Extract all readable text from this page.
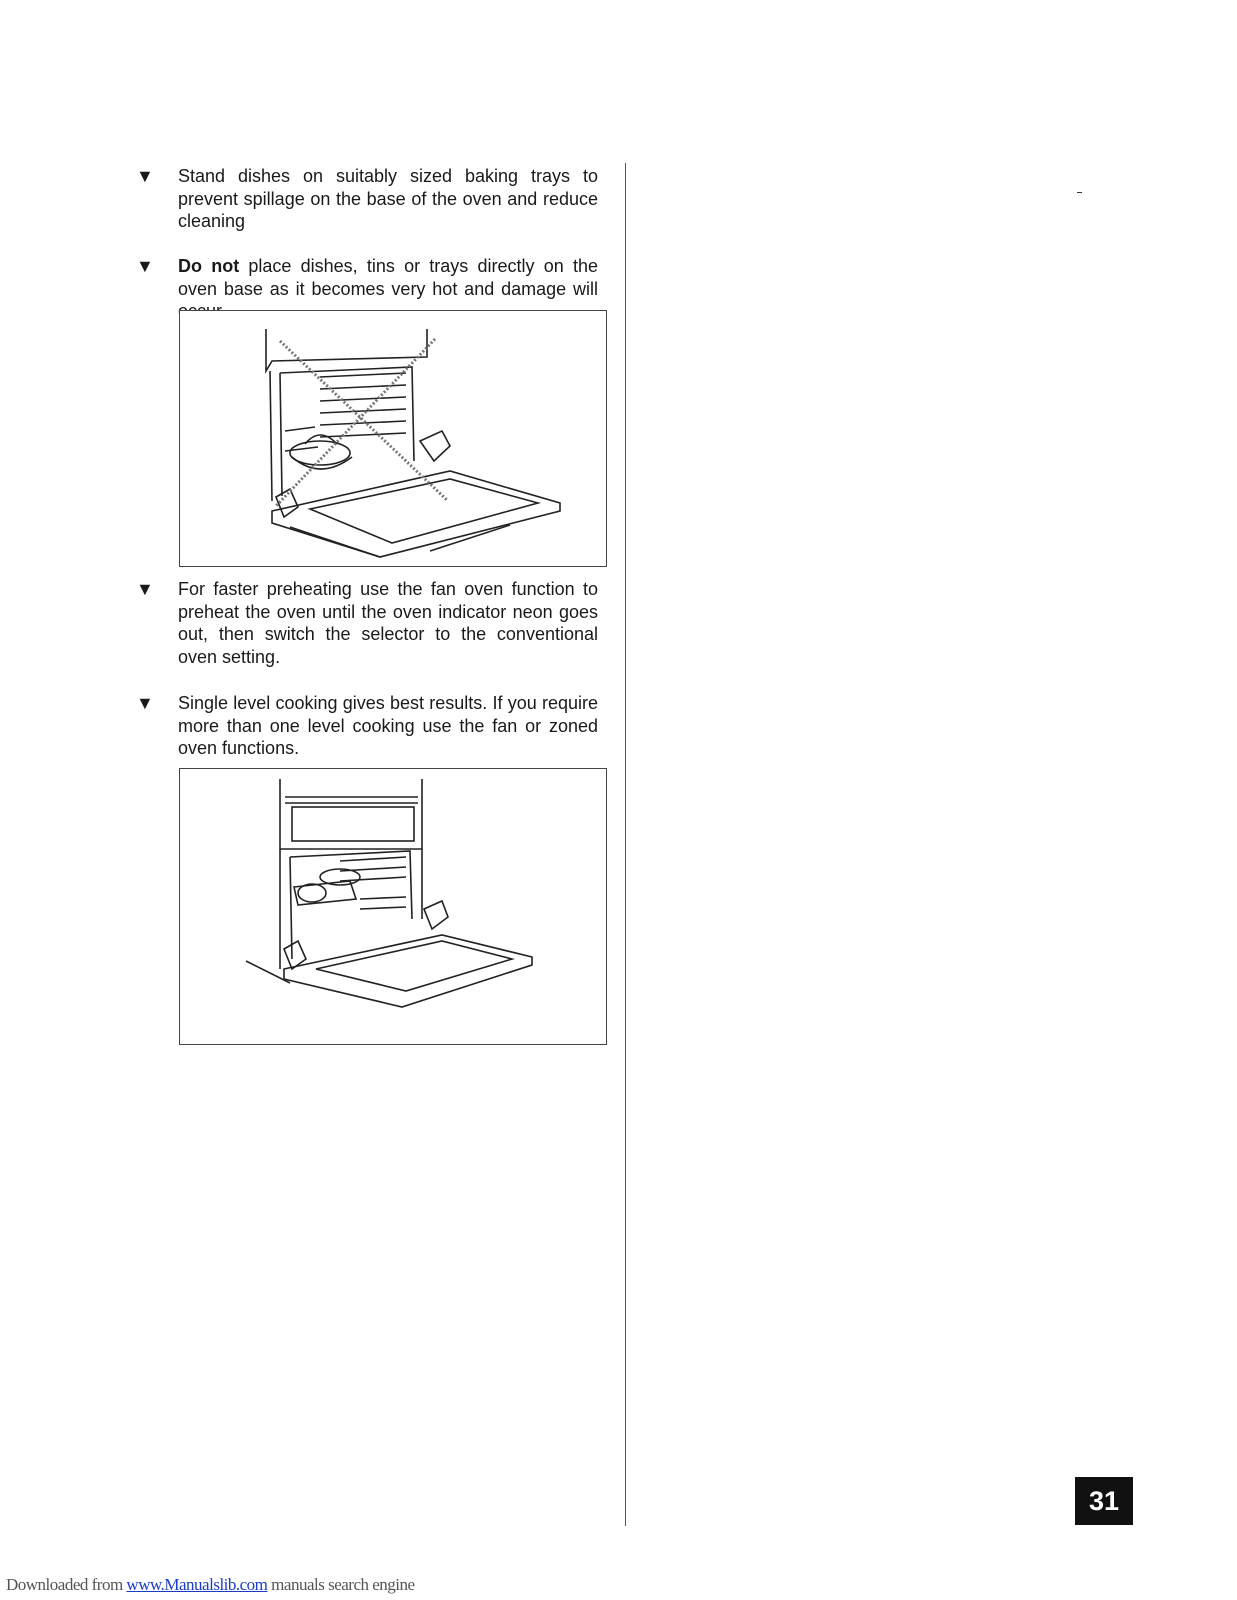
▼ Stand dishes on suitably sized baking trays to prevent spillage on the base of the oven and reduce cleaning
▼ Do not place dishes, tins or trays directly on the oven base as it becomes very hot and damage will
▼ For faster preheating use the fan oven function to preheat the oven until the oven indicator neon goes out, then switch the selector to the conventional oven setting.
▼ Single level cooking gives best results. If you require more than one level cooking use the fan or zoned oven functions.
31
Downloaded from www.Manualslib.com manuals search engine
